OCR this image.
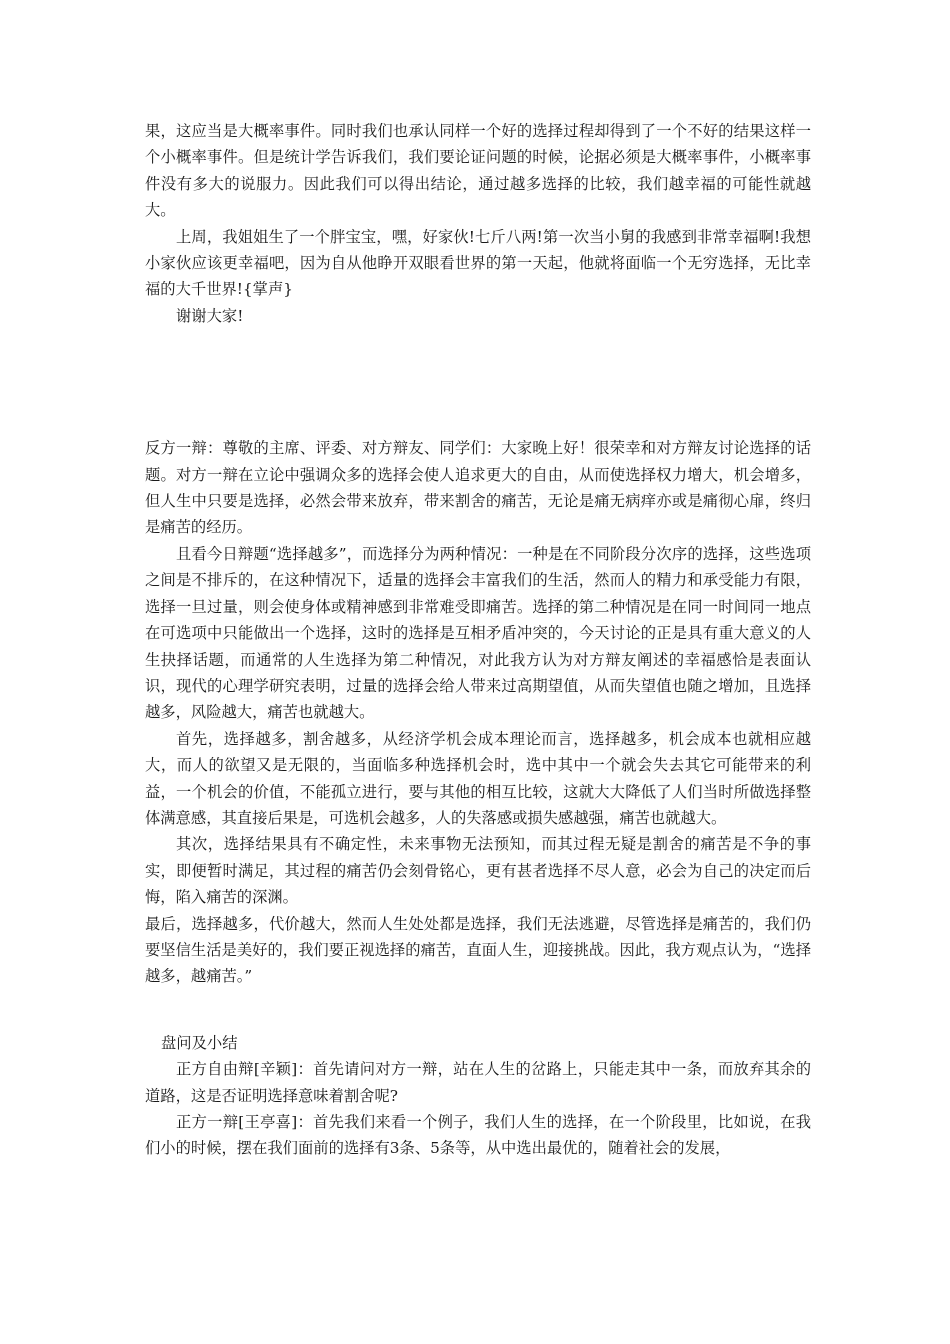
果，这应当是大概率事件。同时我们也承认同样一个好的选择过程却得到了一个不好的结果这样一个小概率事件。但是统计学告诉我们，我们要论证问题的时候，论据必须是大概率事件，小概率事件没有多大的说服力。因此我们可以得出结论，通过越多选择的比较，我们越幸福的可能性就越大。

上周，我姐姐生了一个胖宝宝，嘿，好家伙!七斤八两!第一次当小舅的我感到非常幸福啊!我想小家伙应该更幸福吧，因为自从他睁开双眼看世界的第一天起，他就将面临一个无穷选择，无比幸福的大千世界!{掌声}

谢谢大家!

反方一辩：尊敬的主席、评委、对方辩友、同学们：大家晚上好！很荣幸和对方辩友讨论选择的话题。对方一辩在立论中强调众多的选择会使人追求更大的自由，从而使选择权力增大，机会增多，但人生中只要是选择，必然会带来放弃，带来割舍的痛苦，无论是痛无病痒亦或是痛彻心扉，终归是痛苦的经历。

且看今日辩题“选择越多”，而选择分为两种情况：一种是在不同阶段分次序的选择，这些选项之间是不排斥的，在这种情况下，适量的选择会丰富我们的生活，然而人的精力和承受能力有限，选择一旦过量，则会使身体或精神感到非常难受即痛苦。选择的第二种情况是在同一时间同一地点在可选项中只能做出一个选择，这时的选择是互相矛盾冲突的，今天讨论的正是具有重大意义的人生抉择话题，而通常的人生选择为第二种情况，对此我方认为对方辩友阐述的幸福感恰是表面认识，现代的心理学研究表明，过量的选择会给人带来过高期望值，从而失望值也随之增加，且选择越多，风险越大，痛苦也就越大。

首先，选择越多，割舍越多，从经济学机会成本理论而言，选择越多，机会成本也就相应越大，而人的欲望又是无限的，当面临多种选择机会时，选中其中一个就会失去其它可能带来的利益，一个机会的价值，不能孤立进行，要与其他的相互比较，这就大大降低了人们当时所做选择整体满意感，其直接后果是，可选机会越多，人的失落感或损失感越强，痛苦也就越大。

其次，选择结果具有不确定性，未来事物无法预知，而其过程无疑是割舍的痛苦是不争的事实，即便暂时满足，其过程的痛苦仍会刻骨铭心，更有甚者选择不尽人意，必会为自己的决定而后悔，陷入痛苦的深渊。

最后，选择越多，代价越大，然而人生处处都是选择，我们无法逃避，尽管选择是痛苦的，我们仍要坚信生活是美好的，我们要正视选择的痛苦，直面人生，迎接挑战。因此，我方观点认为，“选择越多，越痛苦。”

盘问及小结

正方自由辩[辛颖]：首先请问对方一辩，站在人生的岔路上，只能走其中一条，而放弃其余的道路，这是否证明选择意味着割舍呢?

正方一辩[王亭喜]：首先我们来看一个例子，我们人生的选择，在一个阶段里，比如说，在我们小的时候，摆在我们面前的选择有3条、5条等，从中选出最优的，随着社会的发展，
